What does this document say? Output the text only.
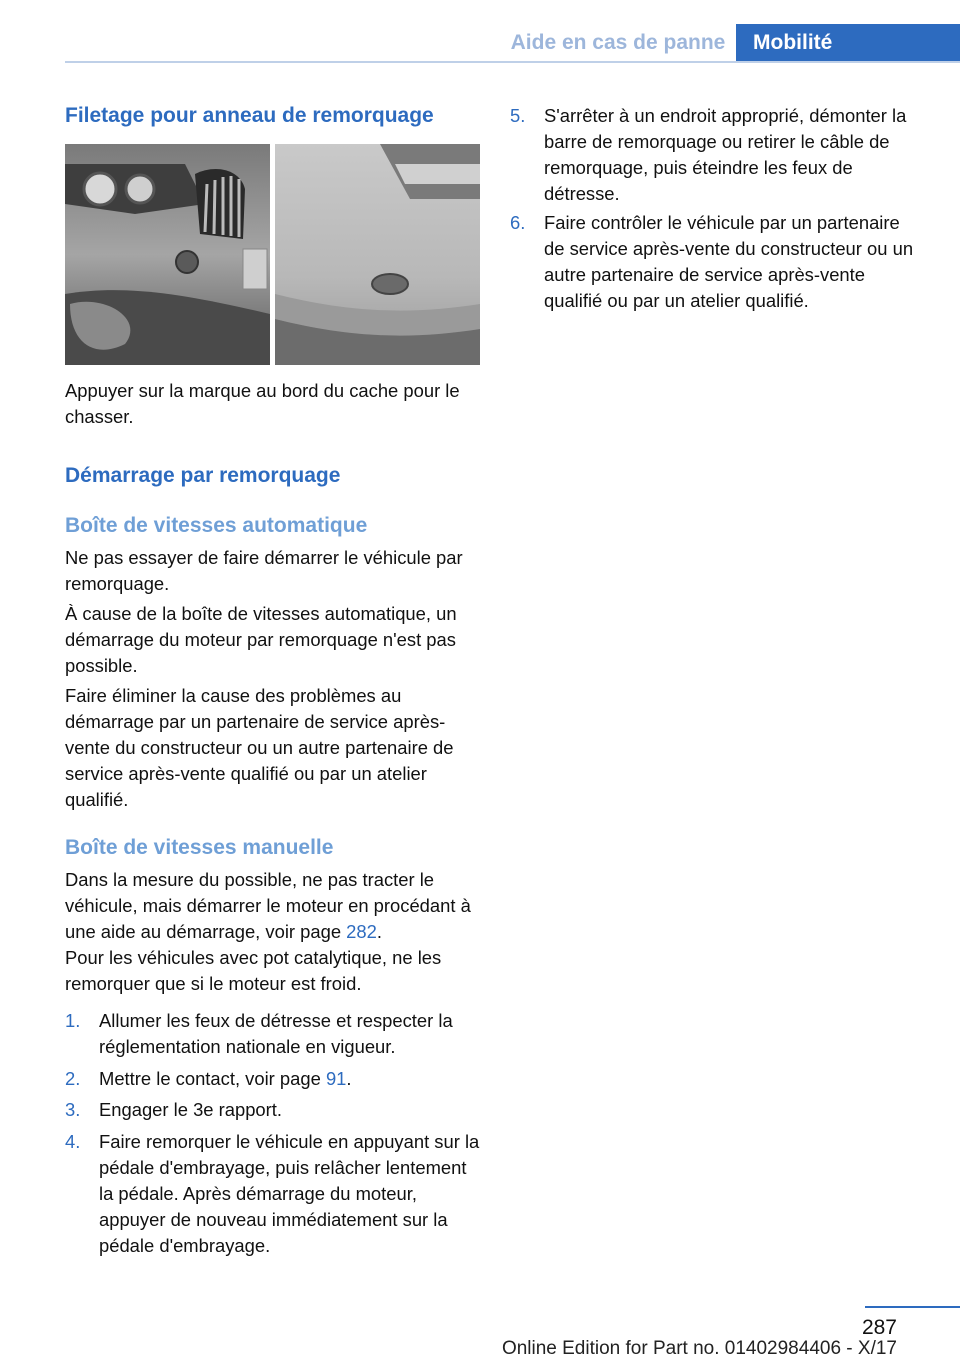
Aide en cas de panne	Mobilité
Filetage pour anneau de remorquage

Appuyer sur la marque au bord du cache pour le chasser.

Démarrage par remorquage
Boîte de vitesses automatique

Ne pas essayer de faire démarrer le véhicule par remorquage.

À cause de la boîte de vitesses automatique, un démarrage du moteur par remorquage n'est pas possible.

Faire éliminer la cause des problèmes au démarrage par un partenaire de service après-vente du constructeur ou un autre partenaire de service après-vente qualifié ou par un atelier qualifié.

Boîte de vitesses manuelle

Dans la mesure du possible, ne pas tracter le véhicule, mais démarrer le moteur en procédant à une aide au démarrage, voir page 282.

Pour les véhicules avec pot catalytique, ne les remorquer que si le moteur est froid.

1. Allumer les feux de détresse et respecter la réglementation nationale en vigueur.
2. Mettre le contact, voir page 91.
3. Engager le 3e rapport.
4. Faire remorquer le véhicule en appuyant sur la pédale d'embrayage, puis relâcher lentement la pédale. Après démarrage du moteur, appuyer de nouveau immédiatement sur la pédale d'embrayage.
5. S'arrêter à un endroit approprié, démonter la barre de remorquage ou retirer le câble de remorquage, puis éteindre les feux de détresse.
6. Faire contrôler le véhicule par un partenaire de service après-vente du constructeur ou un autre partenaire de service après-vente qualifié ou par un atelier qualifié.
287
Online Edition for Part no. 01402984406 - X/17
